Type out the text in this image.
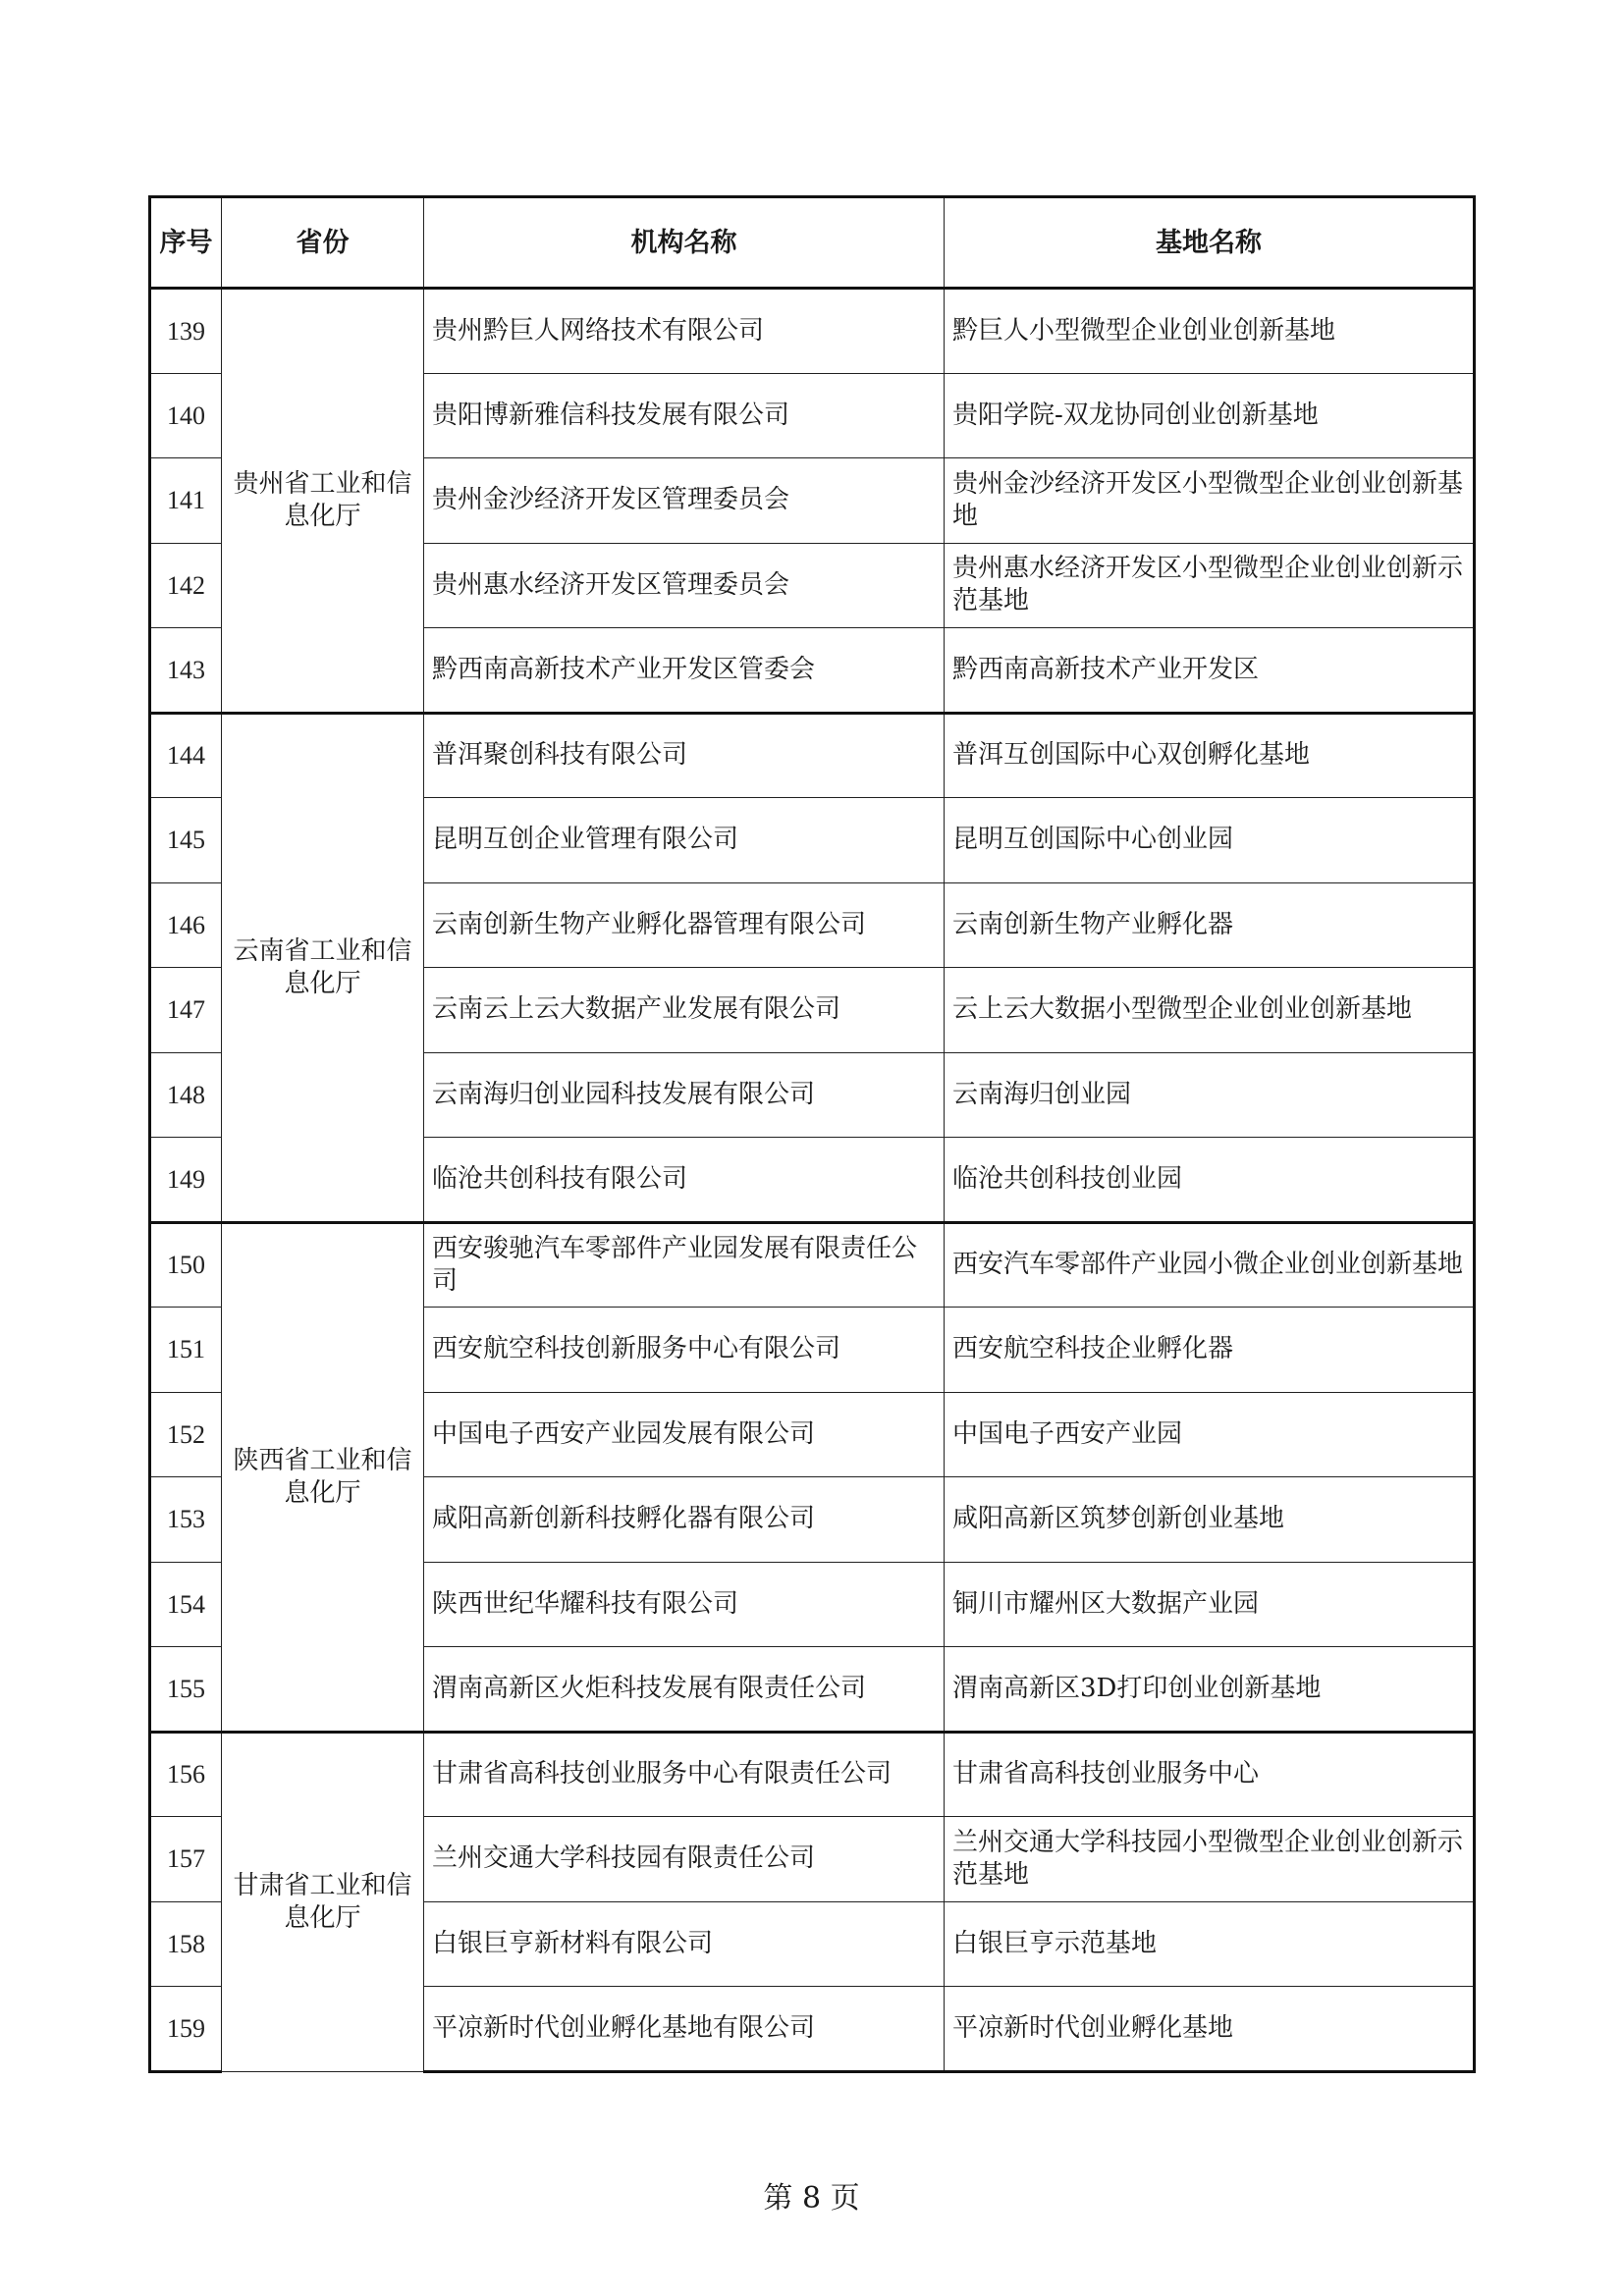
序号	省份	机构名称	基地名称
139	贵州省工业和信息化厅	贵州黔巨人网络技术有限公司	黔巨人小型微型企业创业创新基地
140		贵阳博新雅信科技发展有限公司	贵阳学院-双龙协同创业创新基地
141		贵州金沙经济开发区管理委员会	贵州金沙经济开发区小型微型企业创业创新基地
142		贵州惠水经济开发区管理委员会	贵州惠水经济开发区小型微型企业创业创新示范基地
143		黔西南高新技术产业开发区管委会	黔西南高新技术产业开发区
144	云南省工业和信息化厅	普洱聚创科技有限公司	普洱互创国际中心双创孵化基地
145		昆明互创企业管理有限公司	昆明互创国际中心创业园
146		云南创新生物产业孵化器管理有限公司	云南创新生物产业孵化器
147		云南云上云大数据产业发展有限公司	云上云大数据小型微型企业创业创新基地
148		云南海归创业园科技发展有限公司	云南海归创业园
149		临沧共创科技有限公司	临沧共创科技创业园
150	陕西省工业和信息化厅	西安骏驰汽车零部件产业园发展有限责任公司	西安汽车零部件产业园小微企业创业创新基地
151		西安航空科技创新服务中心有限公司	西安航空科技企业孵化器
152		中国电子西安产业园发展有限公司	中国电子西安产业园
153		咸阳高新创新科技孵化器有限公司	咸阳高新区筑梦创新创业基地
154		陕西世纪华耀科技有限公司	铜川市耀州区大数据产业园
155		渭南高新区火炬科技发展有限责任公司	渭南高新区3D打印创业创新基地
156	甘肃省工业和信息化厅	甘肃省高科技创业服务中心有限责任公司	甘肃省高科技创业服务中心
157		兰州交通大学科技园有限责任公司	兰州交通大学科技园小型微型企业创业创新示范基地
158		白银巨亨新材料有限公司	白银巨亨示范基地
159		平凉新时代创业孵化基地有限公司	平凉新时代创业孵化基地
第 8 页
